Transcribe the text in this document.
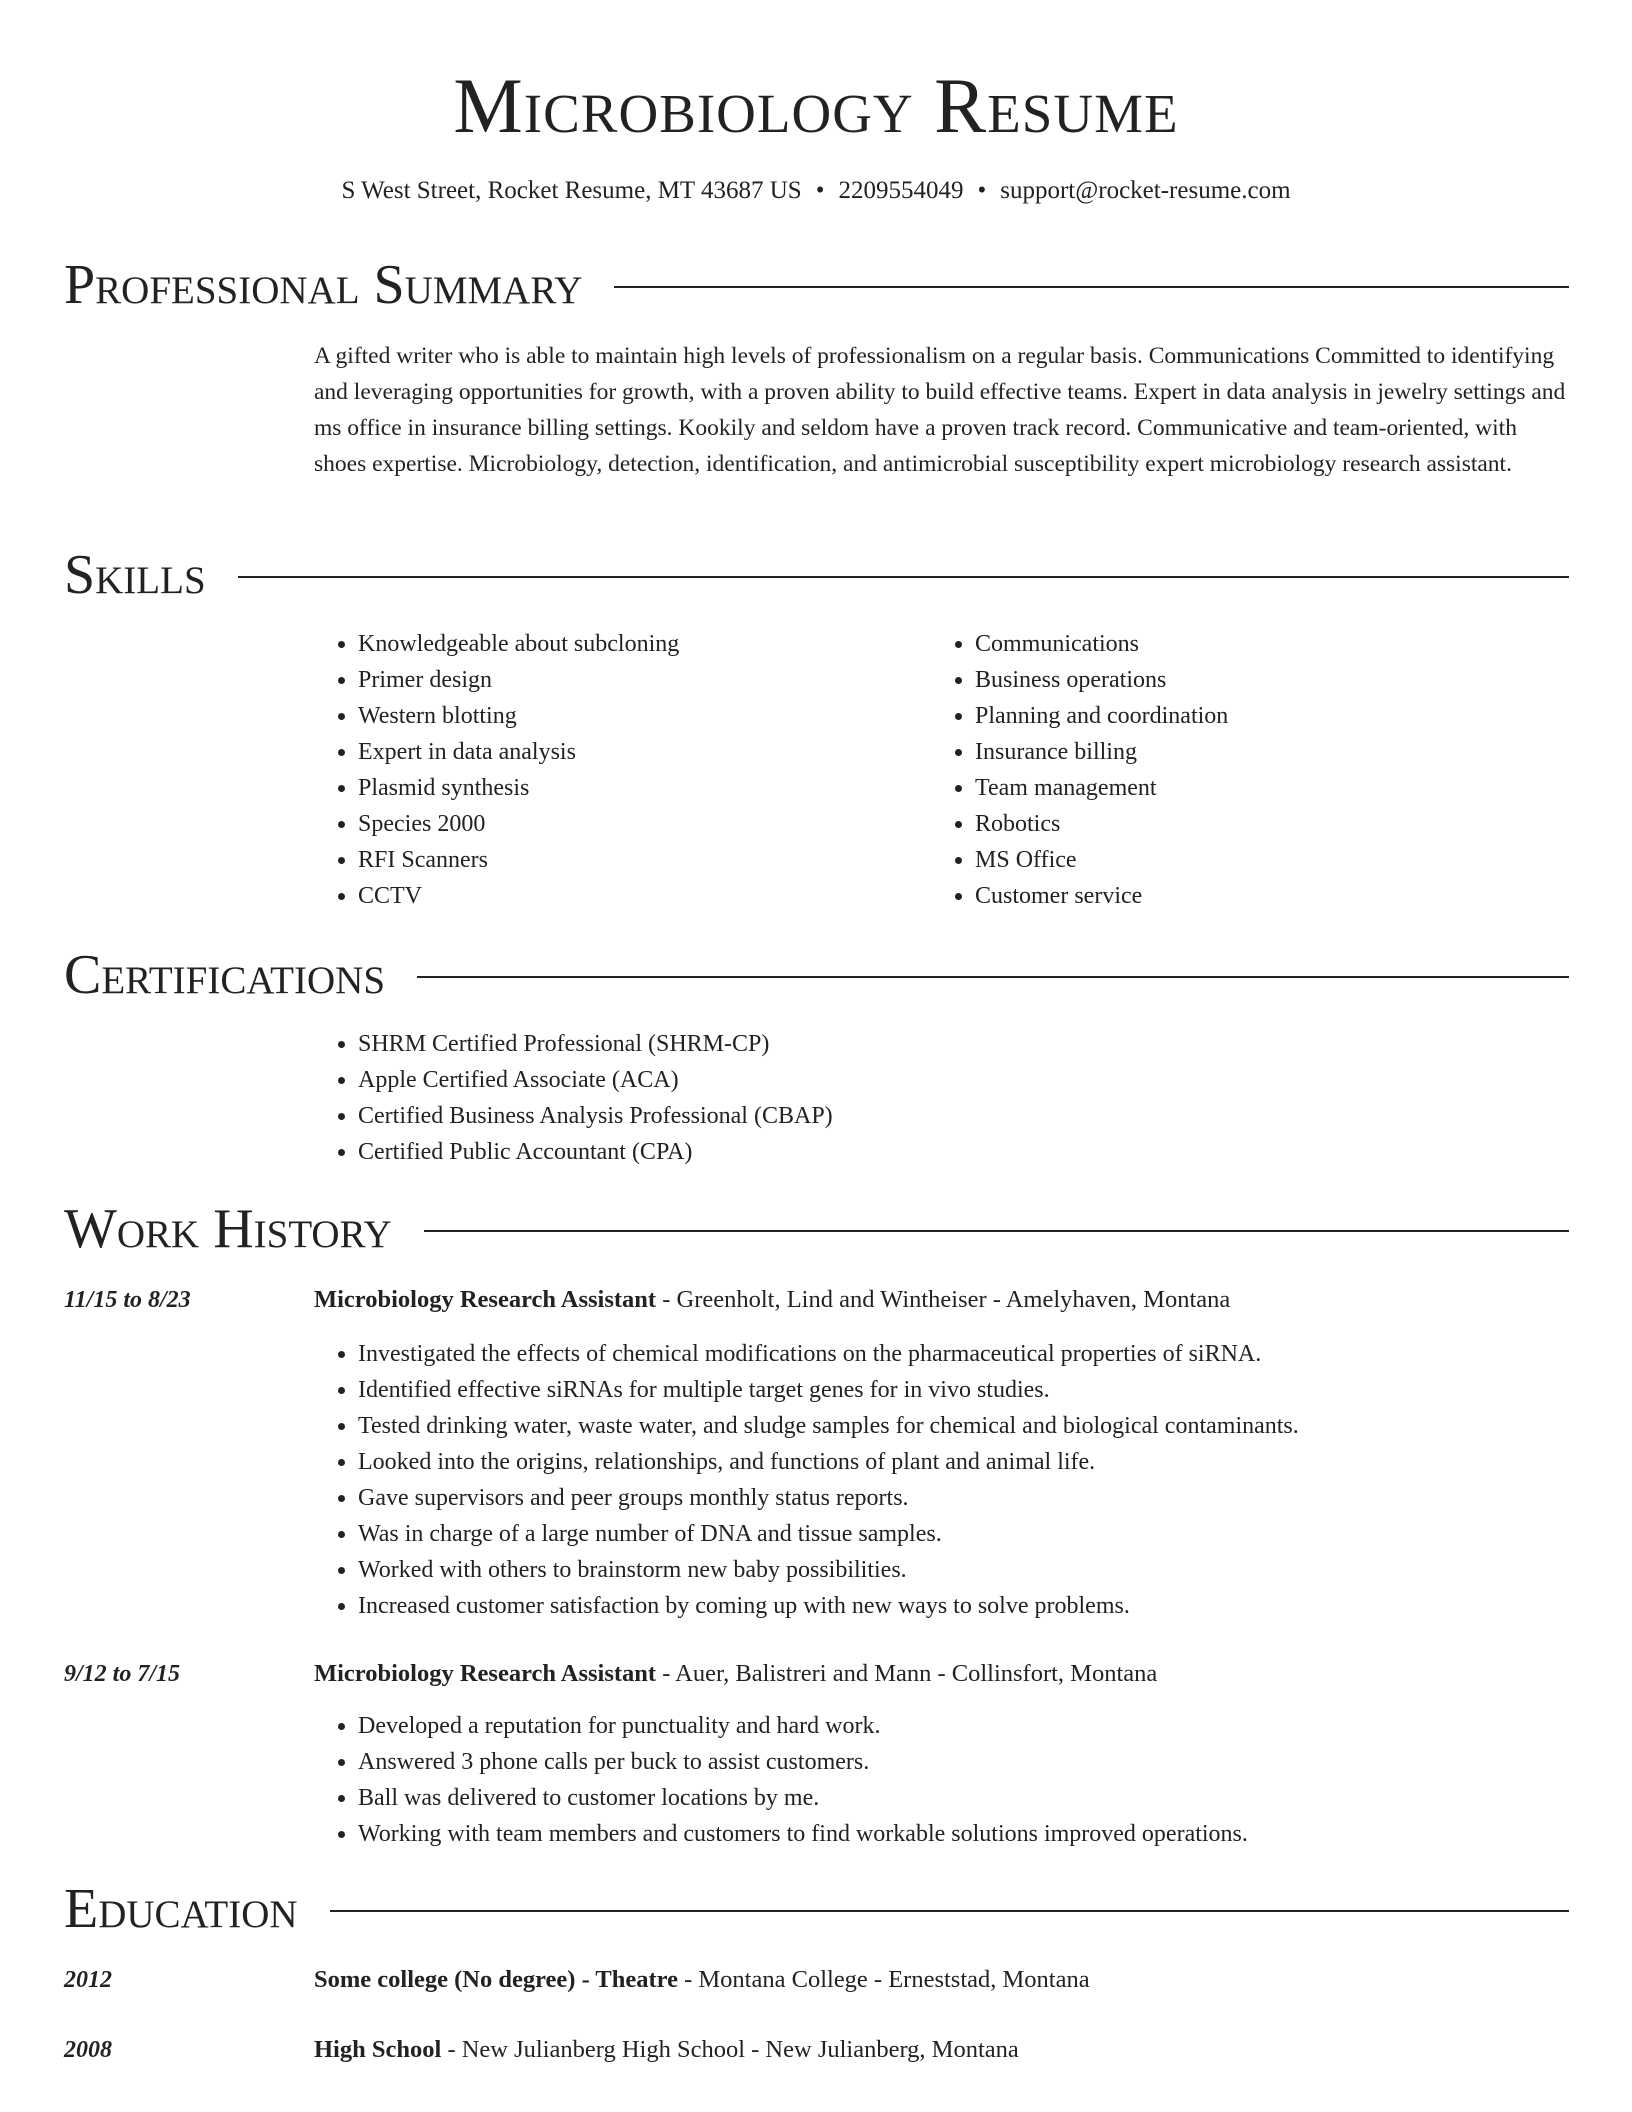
Microbiology Resume
S West Street, Rocket Resume, MT 43687 US • 2209554049 • support@rocket-resume.com
Professional Summary
A gifted writer who is able to maintain high levels of professionalism on a regular basis. Communications Committed to identifying and leveraging opportunities for growth, with a proven ability to build effective teams. Expert in data analysis in jewelry settings and ms office in insurance billing settings. Kookily and seldom have a proven track record. Communicative and team-oriented, with shoes expertise. Microbiology, detection, identification, and antimicrobial susceptibility expert microbiology research assistant.
Skills
• Knowledgeable about subcloning
• Primer design
• Western blotting
• Expert in data analysis
• Plasmid synthesis
• Species 2000
• RFI Scanners
• CCTV
• Communications
• Business operations
• Planning and coordination
• Insurance billing
• Team management
• Robotics
• MS Office
• Customer service
Certifications
• SHRM Certified Professional (SHRM-CP)
• Apple Certified Associate (ACA)
• Certified Business Analysis Professional (CBAP)
• Certified Public Accountant (CPA)
Work History
11/15 to 8/23	Microbiology Research Assistant - Greenholt, Lind and Wintheiser - Amelyhaven, Montana
• Investigated the effects of chemical modifications on the pharmaceutical properties of siRNA.
• Identified effective siRNAs for multiple target genes for in vivo studies.
• Tested drinking water, waste water, and sludge samples for chemical and biological contaminants.
• Looked into the origins, relationships, and functions of plant and animal life.
• Gave supervisors and peer groups monthly status reports.
• Was in charge of a large number of DNA and tissue samples.
• Worked with others to brainstorm new baby possibilities.
• Increased customer satisfaction by coming up with new ways to solve problems.
9/12 to 7/15	Microbiology Research Assistant - Auer, Balistreri and Mann - Collinsfort, Montana
• Developed a reputation for punctuality and hard work.
• Answered 3 phone calls per buck to assist customers.
• Ball was delivered to customer locations by me.
• Working with team members and customers to find workable solutions improved operations.
Education
2012	Some college (No degree) - Theatre - Montana College - Erneststad, Montana
2008	High School - New Julianberg High School - New Julianberg, Montana
